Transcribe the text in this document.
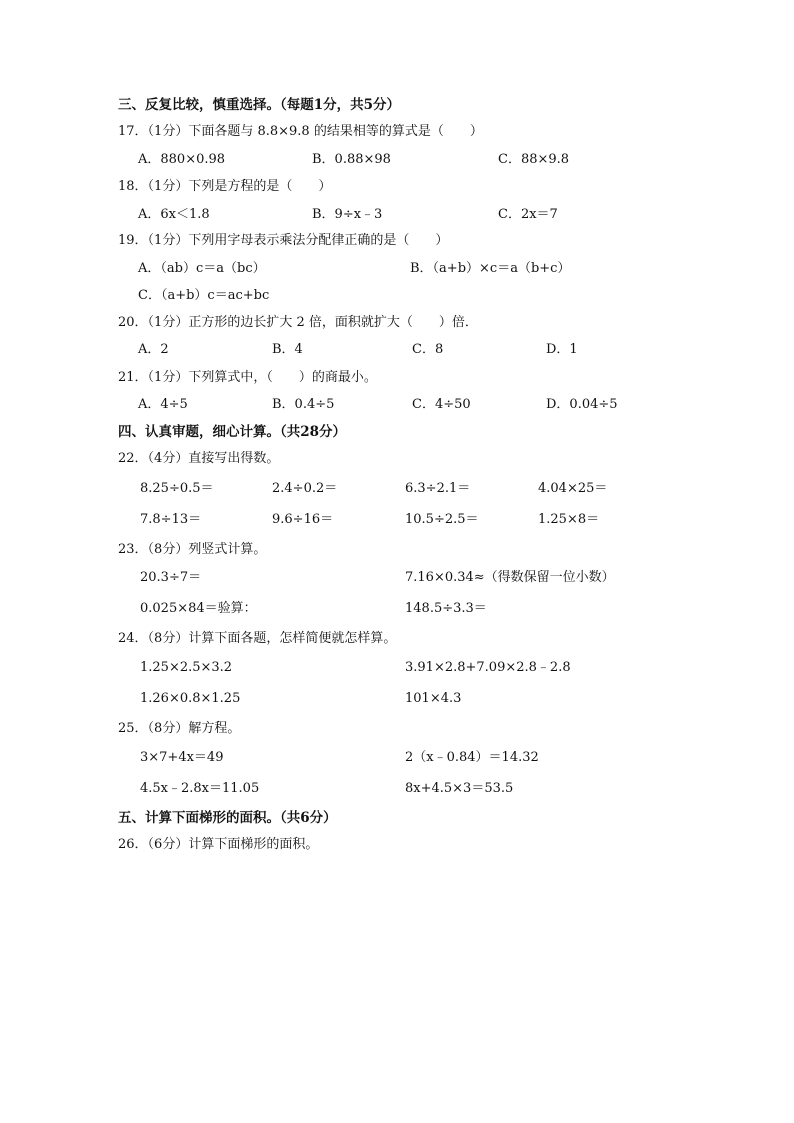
三、反复比较，慎重选择。（每题1分，共5分）
17．（1分）下面各题与 8.8×9.8 的结果相等的算式是（　　）
A．880×0.98	B．0.88×98	C．88×9.8
18．（1分）下列是方程的是（　　）
A．6x＜1.8	B．9÷x﹣3	C．2x＝7
19．（1分）下列用字母表示乘法分配律正确的是（　　）
A．（ab）c＝a（bc）	B．（a+b）×c＝a（b+c）
C．（a+b）c＝ac+bc
20．（1分）正方形的边长扩大 2 倍，面积就扩大（　　）倍．
A．2	B．4	C．8	D．1
21．（1分）下列算式中，（　　）的商最小。
A．4÷5	B．0.4÷5	C．4÷50	D．0.04÷5
四、认真审题，细心计算。（共28分）
22．（4分）直接写出得数。
8.25÷0.5＝	2.4÷0.2＝	6.3÷2.1＝	4.04×25＝
7.8÷13＝	9.6÷16＝	10.5÷2.5＝	1.25×8＝
23．（8分）列竖式计算。
20.3÷7＝	7.16×0.34≈（得数保留一位小数）
0.025×84＝验算：	148.5÷3.3＝
24．（8分）计算下面各题，怎样简便就怎样算。
1.25×2.5×3.2	3.91×2.8+7.09×2.8﹣2.8
1.26×0.8×1.25	101×4.3
25．（8分）解方程。
3×7+4x＝49	2（x﹣0.84）＝14.32
4.5x﹣2.8x＝11.05	8x+4.5×3＝53.5
五、计算下面梯形的面积。（共6分）
26．（6分）计算下面梯形的面积。
